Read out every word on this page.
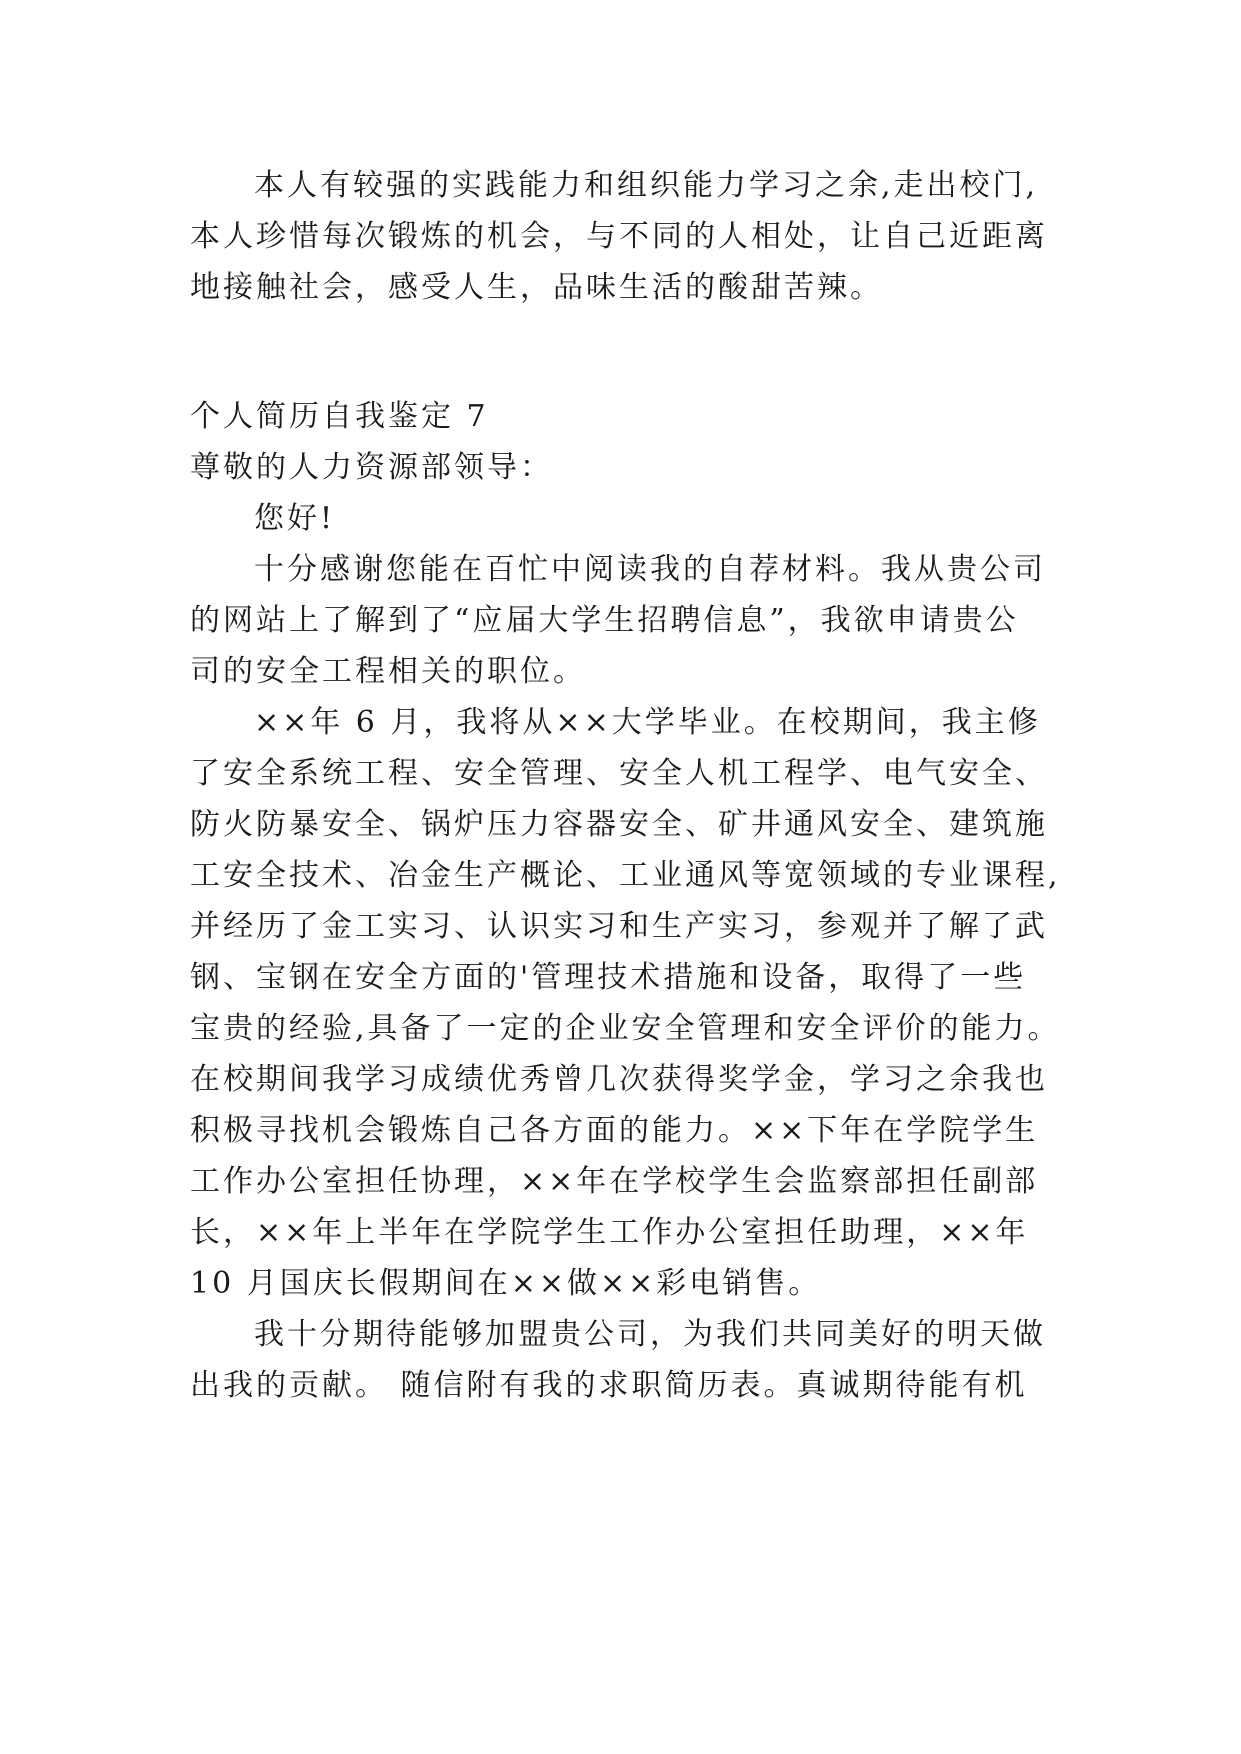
本人有较强的实践能力和组织能力学习之余,走出校门,
本人珍惜每次锻炼的机会，与不同的人相处，让自己近距离
地接触社会，感受人生，品味生活的酸甜苦辣。
个人简历自我鉴定 7
尊敬的人力资源部领导：
您好!
十分感谢您能在百忙中阅读我的自荐材料。我从贵公司
的网站上了解到了“应届大学生招聘信息”，我欲申请贵公
司的安全工程相关的职位。
××年 6 月，我将从××大学毕业。在校期间，我主修
了安全系统工程、安全管理、安全人机工程学、电气安全、
防火防暴安全、锅炉压力容器安全、矿井通风安全、建筑施
工安全技术、冶金生产概论、工业通风等宽领域的专业课程,
并经历了金工实习、认识实习和生产实习，参观并了解了武
钢、宝钢在安全方面的'管理技术措施和设备，取得了一些
宝贵的经验,具备了一定的企业安全管理和安全评价的能力。
在校期间我学习成绩优秀曾几次获得奖学金，学习之余我也
积极寻找机会锻炼自己各方面的能力。××下年在学院学生
工作办公室担任协理，××年在学校学生会监察部担任副部
长，××年上半年在学院学生工作办公室担任助理，××年
10 月国庆长假期间在××做××彩电销售。
我十分期待能够加盟贵公司，为我们共同美好的明天做
出我的贡献。 随信附有我的求职简历表。真诚期待能有机
